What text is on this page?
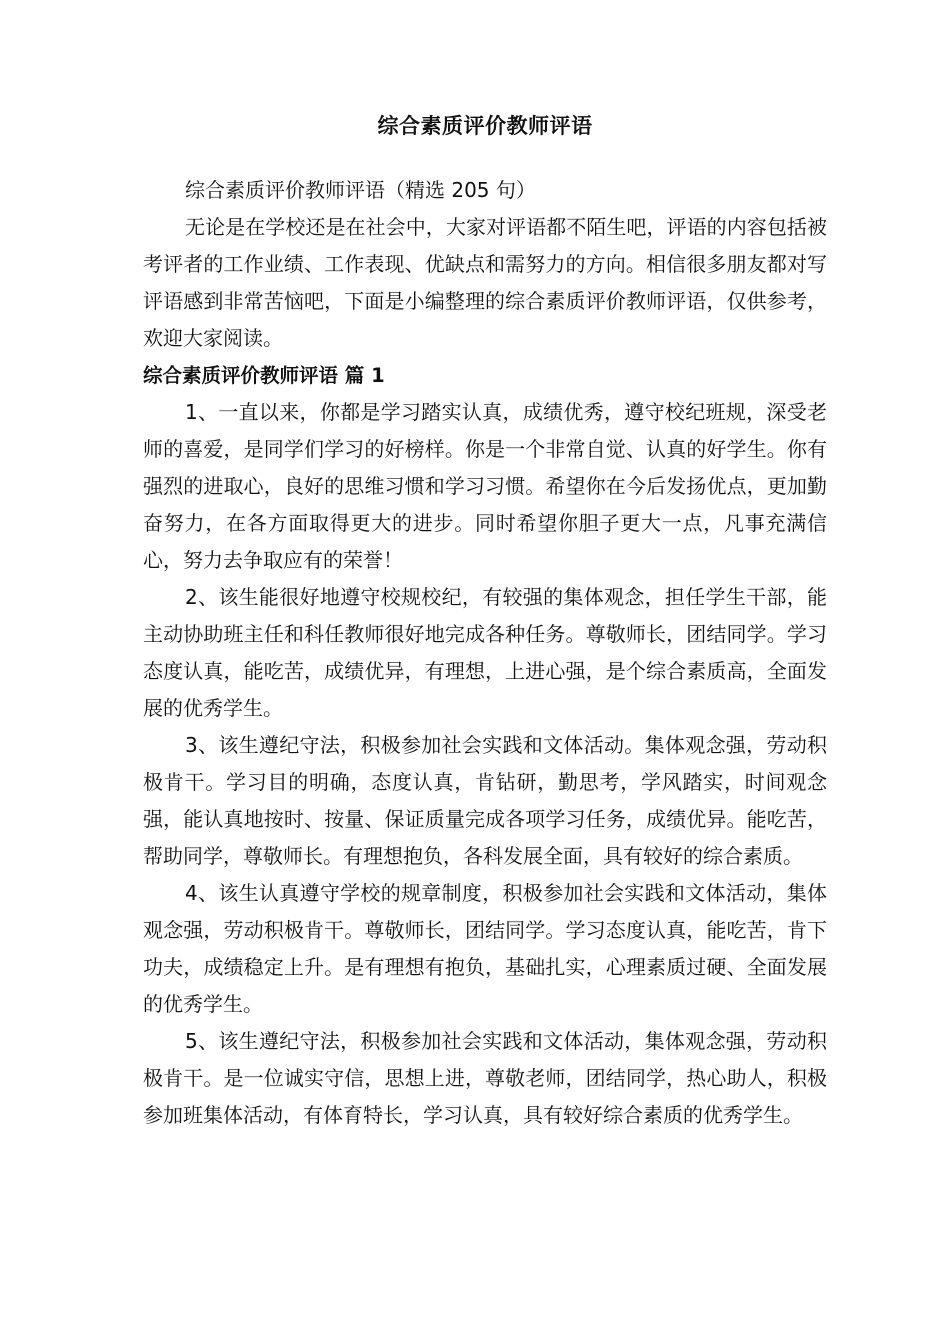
综合素质评价教师评语

综合素质评价教师评语（精选 205 句）

无论是在学校还是在社会中，大家对评语都不陌生吧，评语的内容包括被考评者的工作业绩、工作表现、优缺点和需努力的方向。相信很多朋友都对写评语感到非常苦恼吧，下面是小编整理的综合素质评价教师评语，仅供参考，欢迎大家阅读。

综合素质评价教师评语 篇 1

1、一直以来，你都是学习踏实认真，成绩优秀，遵守校纪班规，深受老师的喜爱，是同学们学习的好榜样。你是一个非常自觉、认真的好学生。你有强烈的进取心，良好的思维习惯和学习习惯。希望你在今后发扬优点，更加勤奋努力，在各方面取得更大的进步。同时希望你胆子更大一点，凡事充满信心，努力去争取应有的荣誉！

2、该生能很好地遵守校规校纪，有较强的集体观念，担任学生干部，能主动协助班主任和科任教师很好地完成各种任务。尊敬师长，团结同学。学习态度认真，能吃苦，成绩优异，有理想，上进心强，是个综合素质高，全面发展的优秀学生。

3、该生遵纪守法，积极参加社会实践和文体活动。集体观念强，劳动积极肯干。学习目的明确，态度认真，肯钻研，勤思考，学风踏实，时间观念强，能认真地按时、按量、保证质量完成各项学习任务，成绩优异。能吃苦，帮助同学，尊敬师长。有理想抱负，各科发展全面，具有较好的综合素质。

4、该生认真遵守学校的规章制度，积极参加社会实践和文体活动，集体观念强，劳动积极肯干。尊敬师长，团结同学。学习态度认真，能吃苦，肯下功夫，成绩稳定上升。是有理想有抱负，基础扎实，心理素质过硬、全面发展的优秀学生。

5、该生遵纪守法，积极参加社会实践和文体活动，集体观念强，劳动积极肯干。是一位诚实守信，思想上进，尊敬老师，团结同学，热心助人，积极参加班集体活动，有体育特长，学习认真，具有较好综合素质的优秀学生。
